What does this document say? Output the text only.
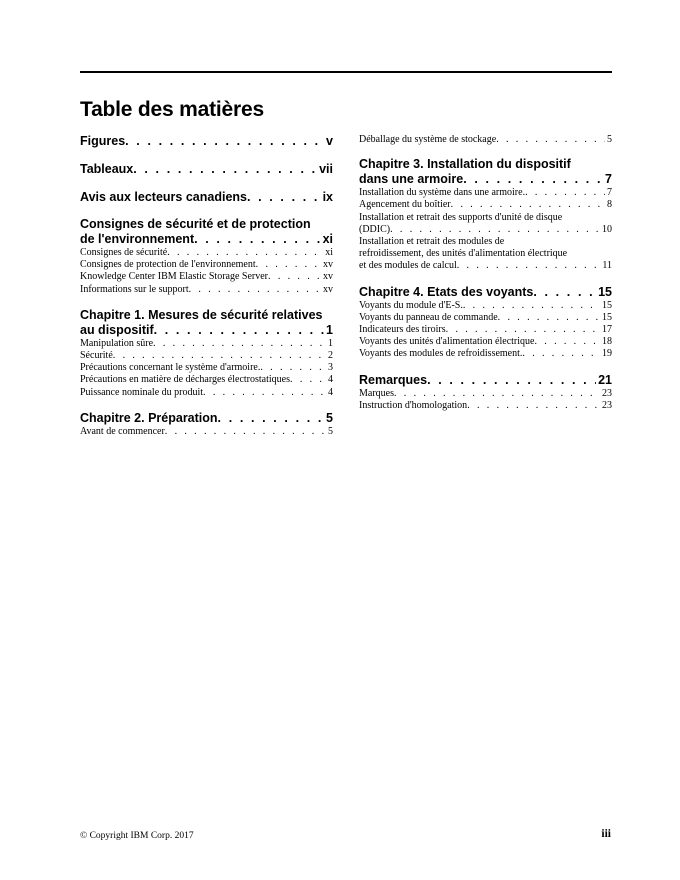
Table des matières
Figures . . .	v
Tableaux . . .	vii
Avis aux lecteurs canadiens . . .	ix
Consignes de sécurité et de protection
de l'environnement . . .	xi
Consignes de sécurité . . .	xi
Consignes de protection de l'environnement . . .	xv
Knowledge Center IBM Elastic Storage Server . . .	xv
Informations sur le support . . .	xv
Chapitre 1. Mesures de sécurité relatives
au dispositif . . .	1
Manipulation sûre . . .	1
Sécurité . . .	2
Précautions concernant le système d'armoire. . . .	3
Précautions en matière de décharges électrostatiques . . .	4
Puissance nominale du produit . . .	4
Chapitre 2. Préparation . . .	5
Avant de commencer . . .	5
Déballage du système de stockage . . .	5
Chapitre 3. Installation du dispositif
dans une armoire . . .	7
Installation du système dans une armoire. . . .	7
Agencement du boîtier . . .	8
Installation et retrait des supports d'unité de disque
(DDIC) . . .	10
Installation et retrait des modules de
refroidissement, des unités d'alimentation électrique
et des modules de calcul . . .	11
Chapitre 4. Etats des voyants . . .	15
Voyants du module d'E-S. . . .	15
Voyants du panneau de commande . . .	15
Indicateurs des tiroirs . . .	17
Voyants des unités d'alimentation électrique . . .	18
Voyants des modules de refroidissement. . . .	19
Remarques . . .	21
Marques . . .	23
Instruction d'homologation . . .	23
© Copyright IBM Corp. 2017	iii
